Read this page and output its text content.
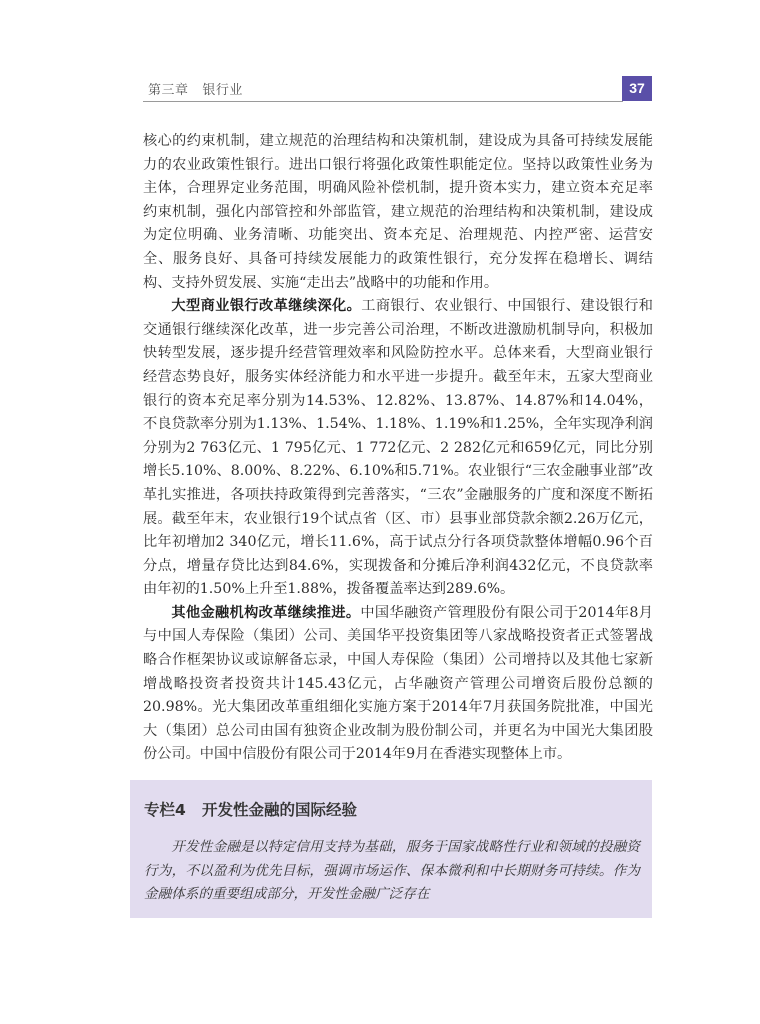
第三章 银行业	37

核心的约束机制，建立规范的治理结构和决策机制，建设成为具备可持续发展能力的农业政策性银行。进出口银行将强化政策性职能定位。坚持以政策性业务为主体，合理界定业务范围，明确风险补偿机制，提升资本实力，建立资本充足率约束机制，强化内部管控和外部监管，建立规范的治理结构和决策机制，建设成为定位明确、业务清晰、功能突出、资本充足、治理规范、内控严密、运营安全、服务良好、具备可持续发展能力的政策性银行，充分发挥在稳增长、调结构、支持外贸发展、实施“走出去”战略中的功能和作用。

大型商业银行改革继续深化。工商银行、农业银行、中国银行、建设银行和交通银行继续深化改革，进一步完善公司治理，不断改进激励机制导向，积极加快转型发展，逐步提升经营管理效率和风险防控水平。总体来看，大型商业银行经营态势良好，服务实体经济能力和水平进一步提升。截至年末，五家大型商业银行的资本充足率分别为14.53%、12.82%、13.87%、14.87%和14.04%，不良贷款率分别为1.13%、1.54%、1.18%、1.19%和1.25%，全年实现净利润分别为2 763亿元、1 795亿元、1 772亿元、2 282亿元和659亿元，同比分别增长5.10%、8.00%、8.22%、6.10%和5.71%。农业银行“三农金融事业部”改革扎实推进，各项扶持政策得到完善落实，“三农”金融服务的广度和深度不断拓展。截至年末，农业银行19个试点省（区、市）县事业部贷款余额2.26万亿元，比年初增加2 340亿元，增长11.6%，高于试点分行各项贷款整体增幅0.96个百分点，增量存贷比达到84.6%，实现拨备和分摊后净利润432亿元，不良贷款率由年初的1.50%上升至1.88%，拨备覆盖率达到289.6%。

其他金融机构改革继续推进。中国华融资产管理股份有限公司于2014年8月与中国人寿保险（集团）公司、美国华平投资集团等八家战略投资者正式签署战略合作框架协议或谅解备忘录，中国人寿保险（集团）公司增持以及其他七家新增战略投资者投资共计145.43亿元，占华融资产管理公司增资后股份总额的20.98%。光大集团改革重组细化实施方案于2014年7月获国务院批准，中国光大（集团）总公司由国有独资企业改制为股份制公司，并更名为中国光大集团股份公司。中国中信股份有限公司于2014年9月在香港实现整体上市。

专栏4 开发性金融的国际经验

开发性金融是以特定信用支持为基础，服务于国家战略性行业和领域的投融资行为，不以盈利为优先目标，强调市场运作、保本微利和中长期财务可持续。作为金融体系的重要组成部分，开发性金融广泛存在
